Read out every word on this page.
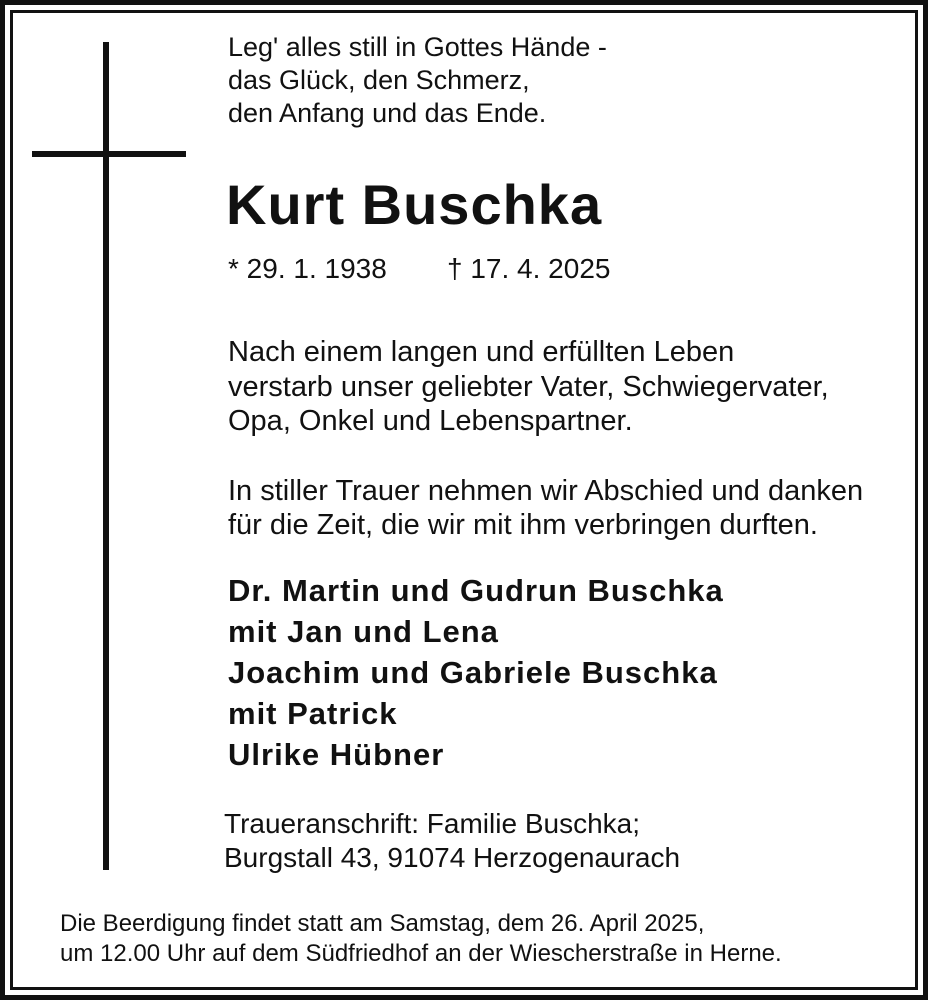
Leg' alles still in Gottes Hände -
das Glück, den Schmerz,
den Anfang und das Ende.
Kurt Buschka
* 29. 1. 1938 † 17. 4. 2025
Nach einem langen und erfüllten Leben
verstarb unser geliebter Vater, Schwiegervater,
Opa, Onkel und Lebenspartner.
In stiller Trauer nehmen wir Abschied und danken
für die Zeit, die wir mit ihm verbringen durften.
Dr. Martin und Gudrun Buschka
mit Jan und Lena
Joachim und Gabriele Buschka
mit Patrick
Ulrike Hübner
Traueranschrift: Familie Buschka;
Burgstall 43, 91074 Herzogenaurach
Die Beerdigung findet statt am Samstag, dem 26. April 2025,
um 12.00 Uhr auf dem Südfriedhof an der Wiescherstraße in Herne.
